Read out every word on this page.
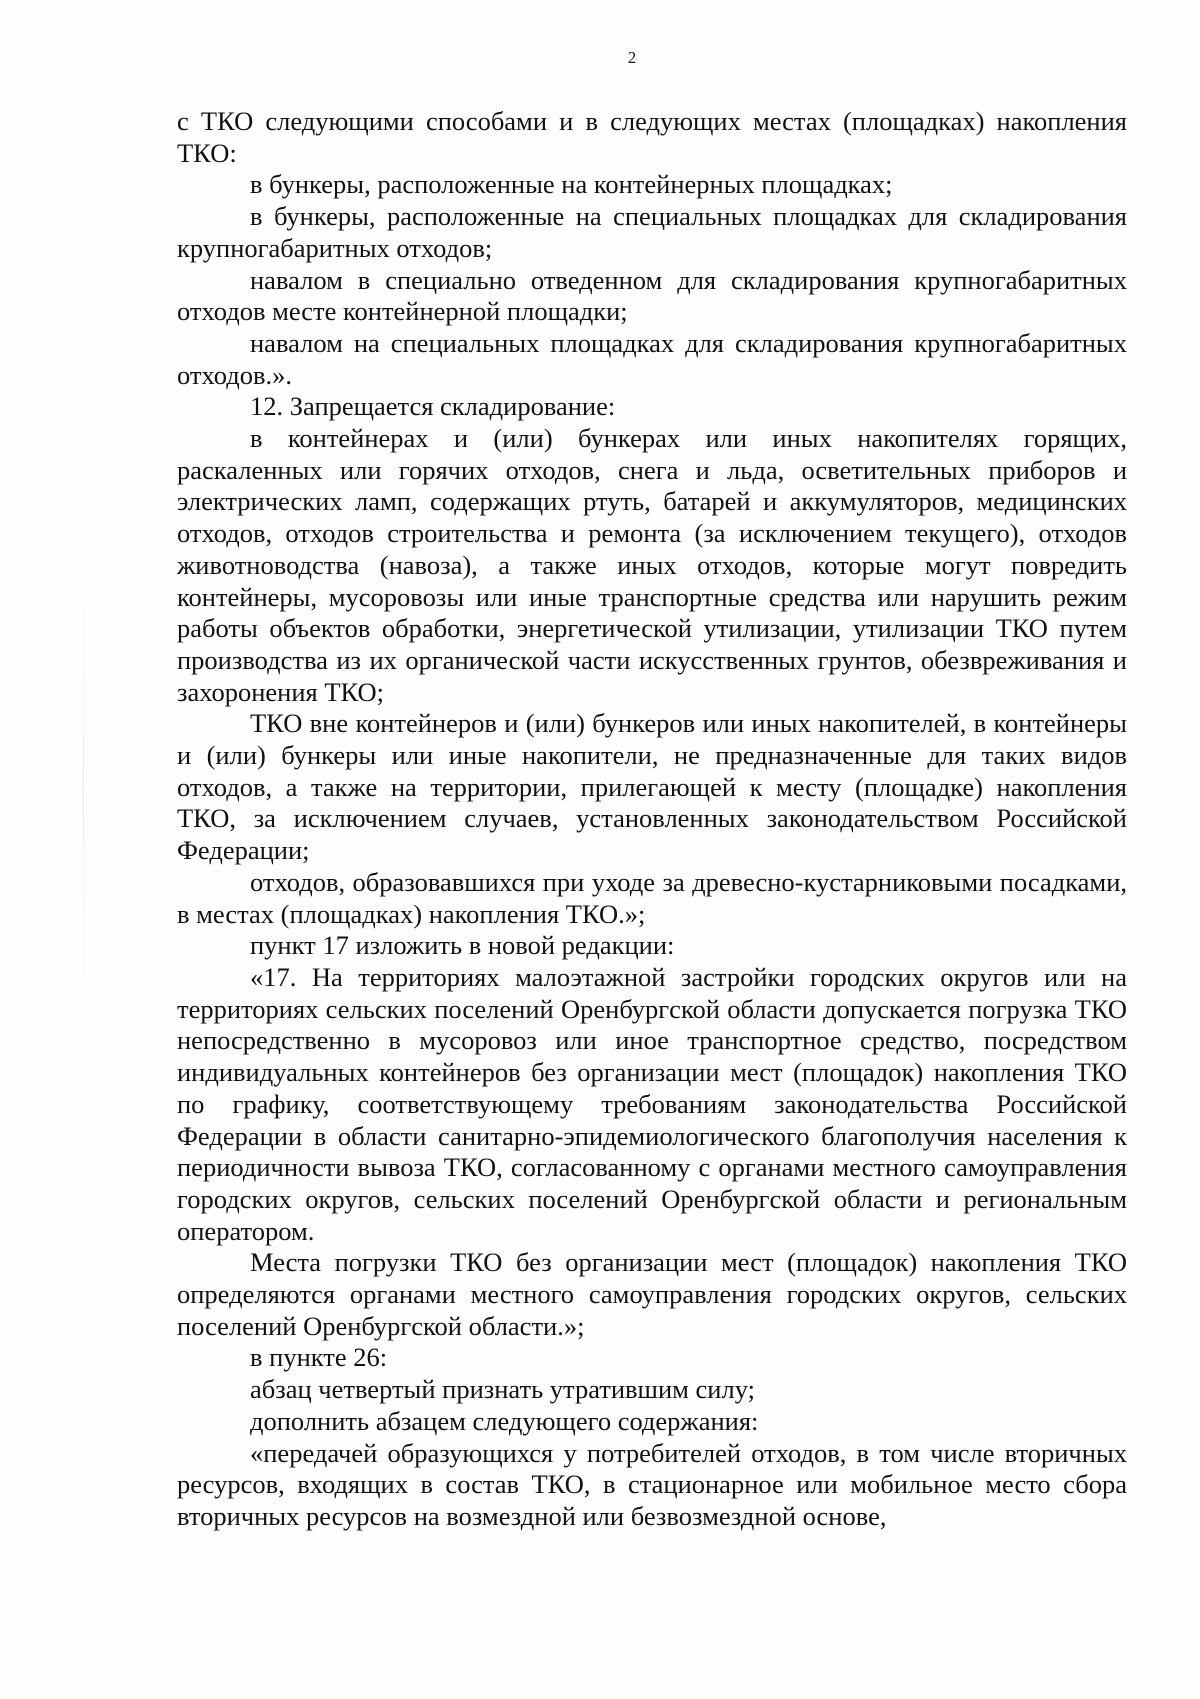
2

с ТКО следующими способами и в следующих местах (площадках) накопления ТКО:

в бункеры, расположенные на контейнерных площадках;

в бункеры, расположенные на специальных площадках для складирования крупногабаритных отходов;

навалом в специально отведенном для складирования крупногабаритных отходов месте контейнерной площадки;

навалом на специальных площадках для складирования крупногабаритных отходов.».

12. Запрещается складирование:

в контейнерах и (или) бункерах или иных накопителях горящих, раскаленных или горячих отходов, снега и льда, осветительных приборов и электрических ламп, содержащих ртуть, батарей и аккумуляторов, медицинских отходов, отходов строительства и ремонта (за исключением текущего), отходов животноводства (навоза), а также иных отходов, которые могут повредить контейнеры, мусоровозы или иные транспортные средства или нарушить режим работы объектов обработки, энергетической утилизации, утилизации ТКО путем производства из их органической части искусственных грунтов, обезвреживания и захоронения ТКО;

ТКО вне контейнеров и (или) бункеров или иных накопителей, в контейнеры и (или) бункеры или иные накопители, не предназначенные для таких видов отходов, а также на территории, прилегающей к месту (площадке) накопления ТКО, за исключением случаев, установленных законодательством Российской Федерации;

отходов, образовавшихся при уходе за древесно-кустарниковыми посадками, в местах (площадках) накопления ТКО.»;

пункт 17 изложить в новой редакции:

«17. На территориях малоэтажной застройки городских округов или на территориях сельских поселений Оренбургской области допускается погрузка ТКО непосредственно в мусоровоз или иное транспортное средство, посредством индивидуальных контейнеров без организации мест (площадок) накопления ТКО по графику, соответствующему требованиям законодательства Российской Федерации в области санитарно-эпидемиологического благополучия населения к периодичности вывоза ТКО, согласованному с органами местного самоуправления городских округов, сельских поселений Оренбургской области и региональным оператором.

Места погрузки ТКО без организации мест (площадок) накопления ТКО определяются органами местного самоуправления городских округов, сельских поселений Оренбургской области.»;

в пункте 26:

абзац четвертый признать утратившим силу;

дополнить абзацем следующего содержания:

«передачей образующихся у потребителей отходов, в том числе вторичных ресурсов, входящих в состав ТКО, в стационарное или мобильное место сбора вторичных ресурсов на возмездной или безвозмездной основе,
